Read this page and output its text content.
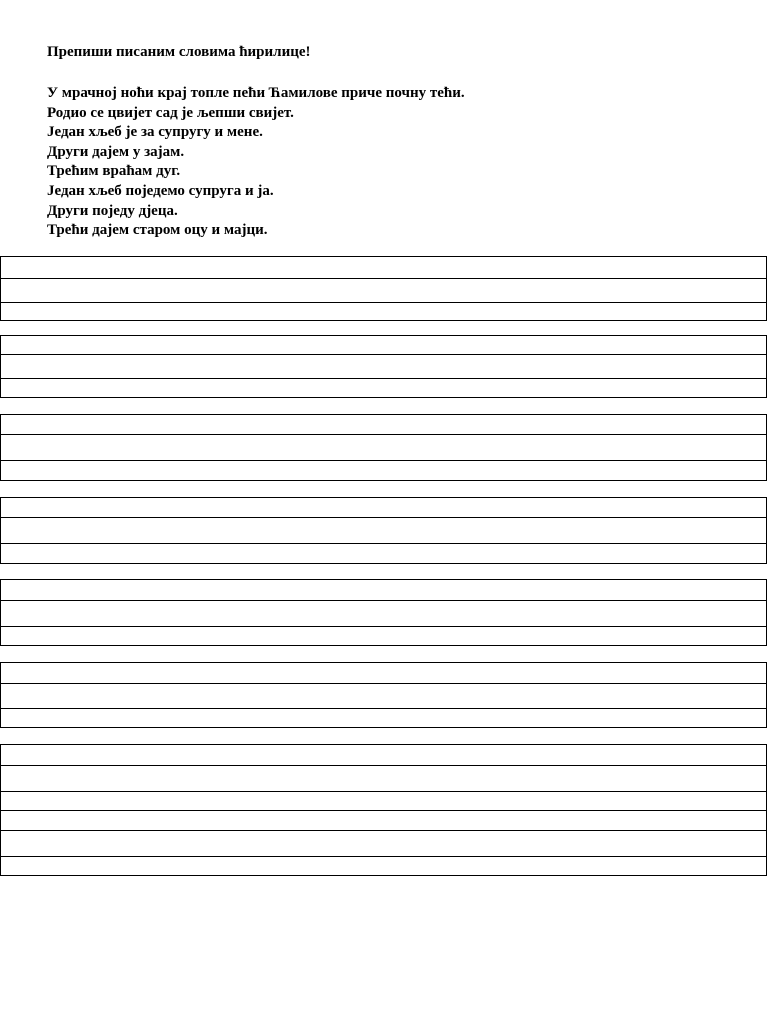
Препиши писаним словима ћирилице!
У мрачној ноћи крај топле пећи Ћамилове приче почну тећи.
Родио се цвијет сад је љепши свијет.
Један хљеб је за супругу и мене.
Други дајем у зајам.
Трећим враћам дуг.
Један хљеб поједемо супруга и ја.
Други поједу дјеца.
Трећи дајем старом оцу и мајци.
